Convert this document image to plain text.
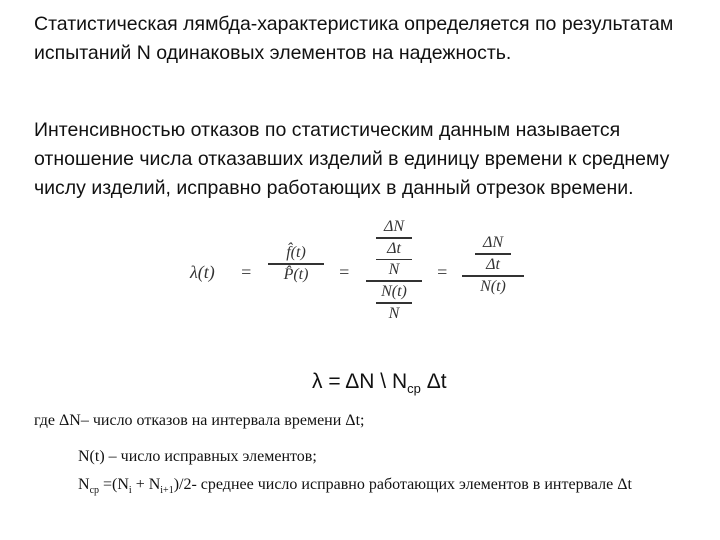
Статистическая лямбда-характеристика определяется по результатам испытаний N одинаковых элементов на надежность.

Интенсивностью отказов по статистическим данным называется отношение числа отказавших изделий в единицу времени к среднему числу изделий, исправно работающих в данный отрезок времени.

λ(t) =
f̂(t)
P̂(t)	=
ΔN
Δt
N
N(t)
N
=
ΔN
Δt
N(t)
λ = ΔN \ $N_{ср}$ Δt
где ΔN– число отказов на интервала времени Δt;
N(t) – число исправных элементов;
$N_{ср} =(N_i + N_{i+1})/2-$ среднее число исправно работающих элементов в интервале Δt
